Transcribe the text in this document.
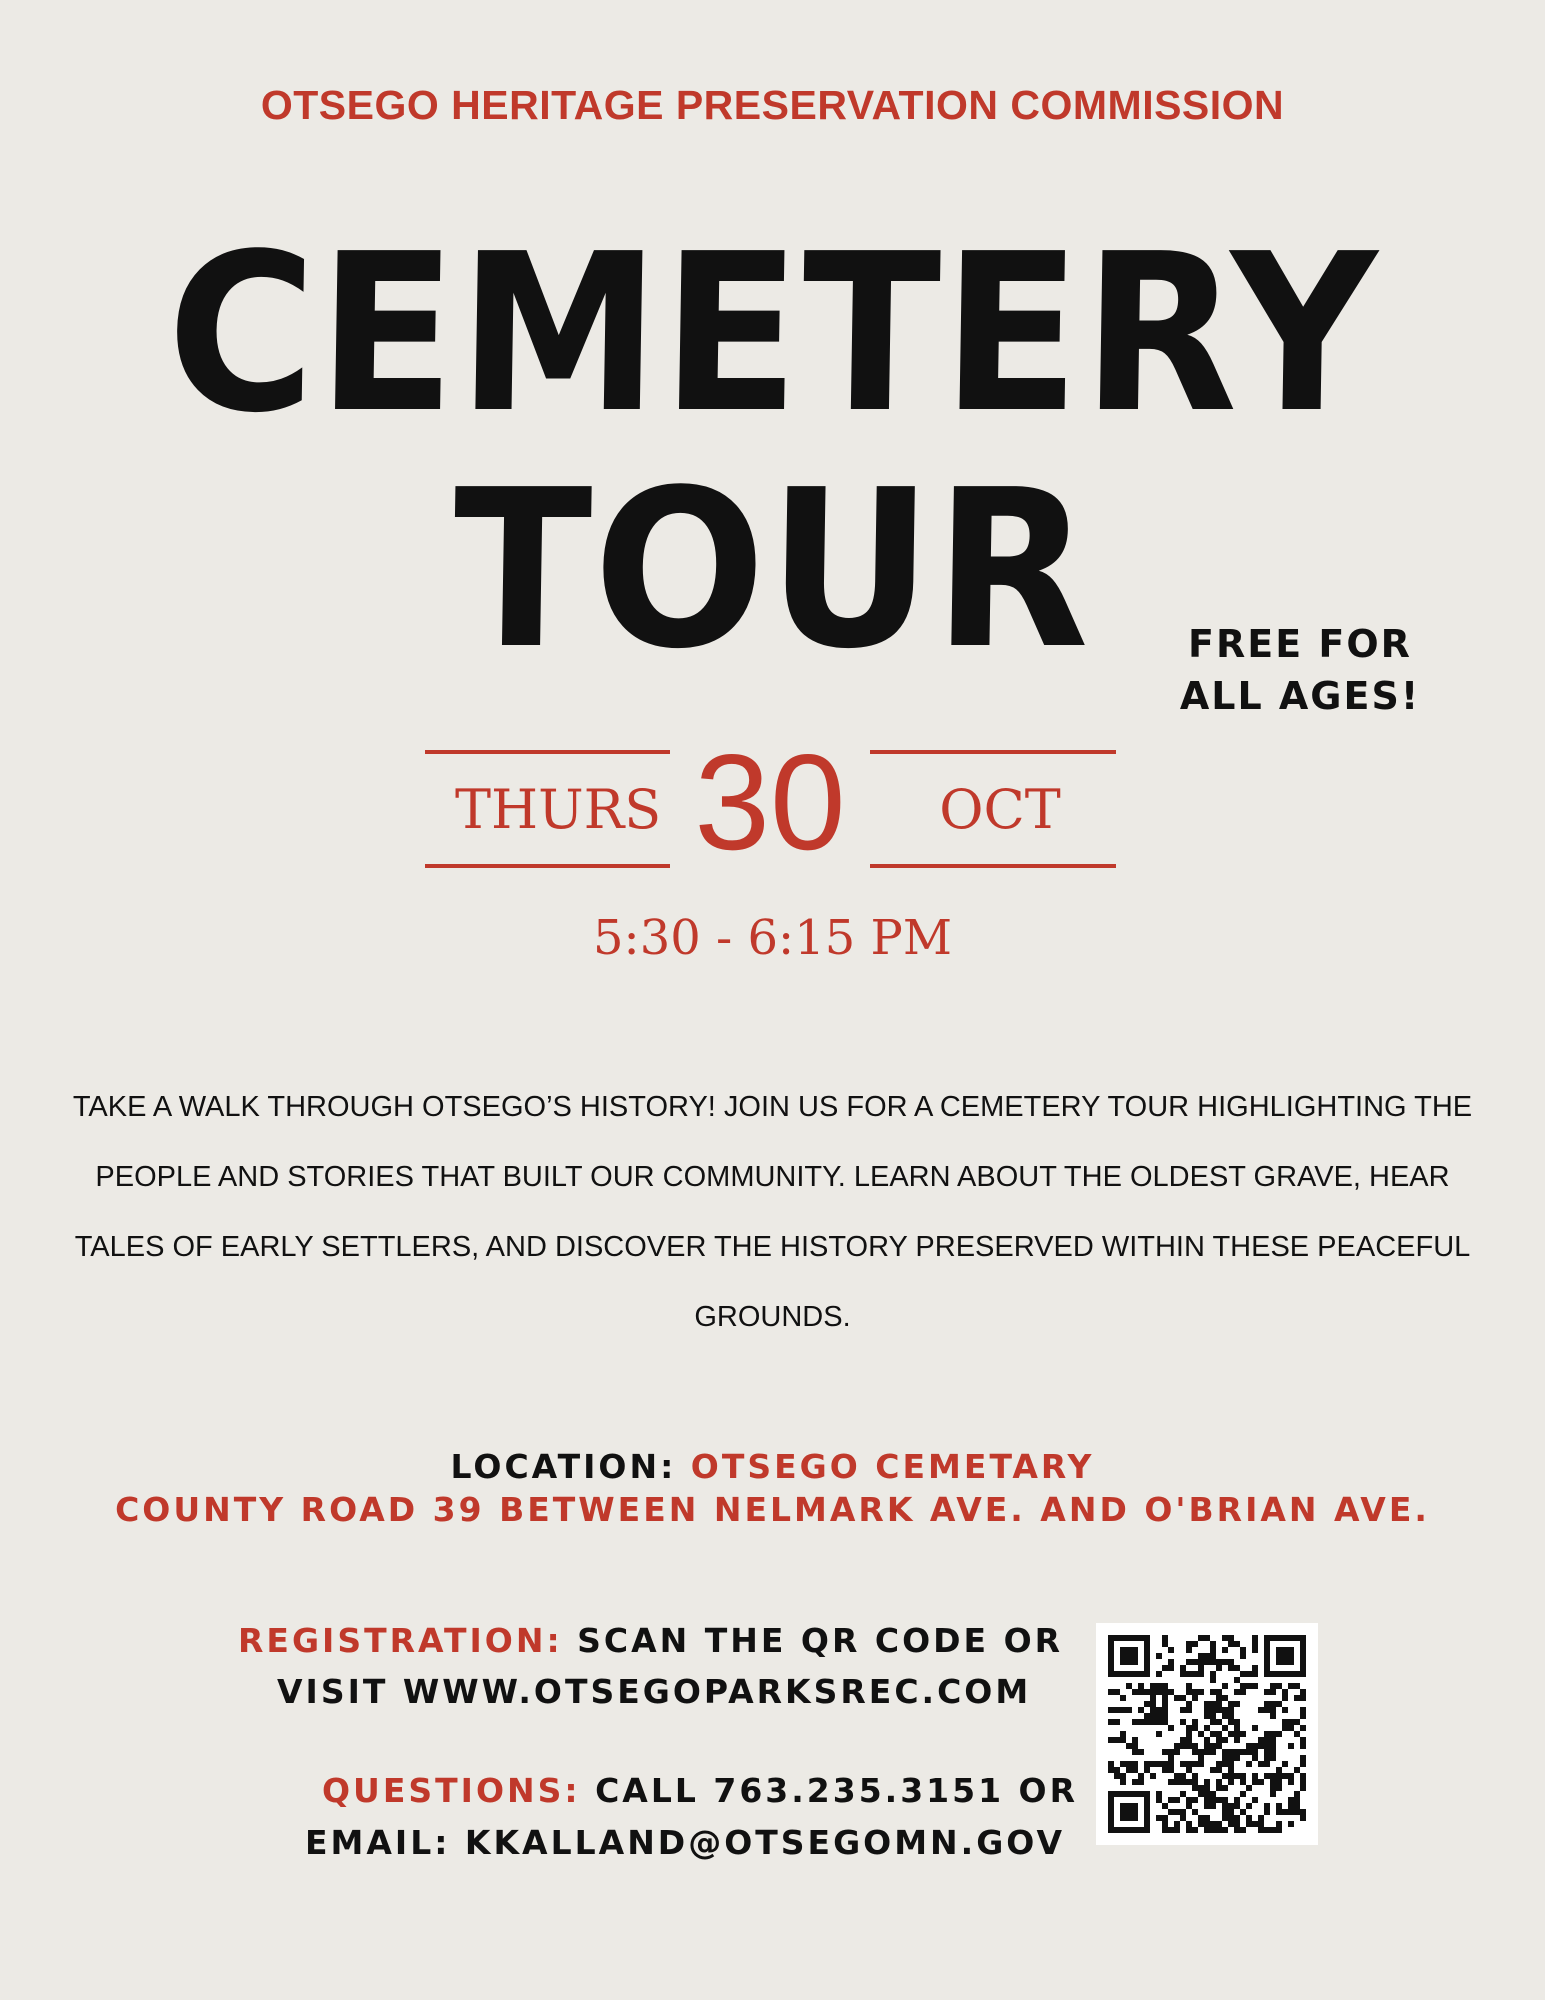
OTSEGO HERITAGE PRESERVATION COMMISSION
CEMETERY
TOUR	FREE FOR
ALL AGES!
THURS 30	OCT
5:30 - 6:15 PM
TAKE A WALK THROUGH OTSEGO’S HISTORY! JOIN US FOR A CEMETERY TOUR HIGHLIGHTING THE PEOPLE AND STORIES THAT BUILT OUR COMMUNITY. LEARN ABOUT THE OLDEST GRAVE, HEAR TALES OF EARLY SETTLERS, AND DISCOVER THE HISTORY PRESERVED WITHIN THESE PEACEFUL GROUNDS.
LOCATION: OTSEGO CEMETARY
COUNTY ROAD 39 BETWEEN NELMARK AVE. AND O'BRIAN AVE.
REGISTRATION: SCAN THE QR CODE OR
VISIT WWW.OTSEGOPARKSREC.COM
QUESTIONS: CALL 763.235.3151 OR
EMAIL: KKALLAND@OTSEGOMN.GOV
